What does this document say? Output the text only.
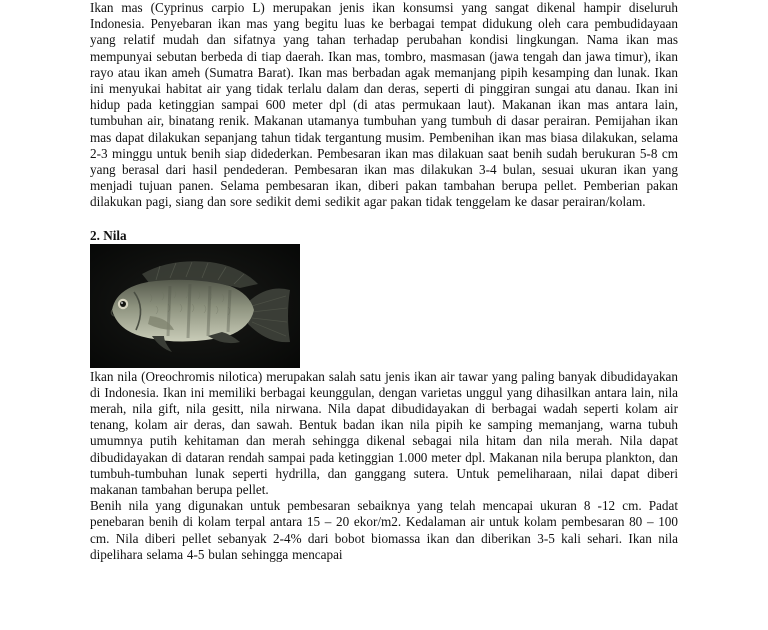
Ikan mas (Cyprinus carpio L) merupakan jenis ikan konsumsi yang sangat dikenal hampir diseluruh Indonesia. Penyebaran ikan mas yang begitu luas ke berbagai tempat didukung oleh cara pembudidayaan yang relatif mudah dan sifatnya yang tahan terhadap perubahan kondisi lingkungan. Nama ikan mas mempunyai sebutan berbeda di tiap daerah. Ikan mas, tombro, masmasan (jawa tengah dan jawa timur), ikan rayo atau ikan ameh (Sumatra Barat). Ikan mas berbadan agak memanjang pipih kesamping dan lunak. Ikan ini menyukai habitat air yang tidak terlalu dalam dan deras, seperti di pinggiran sungai atu danau. Ikan ini hidup pada ketinggian sampai 600 meter dpl (di atas permukaan laut). Makanan ikan mas antara lain, tumbuhan air, binatang renik. Makanan utamanya tumbuhan yang tumbuh di dasar perairan. Pemijahan ikan mas dapat dilakukan sepanjang tahun tidak tergantung musim. Pembenihan ikan mas biasa dilakukan, selama 2-3 minggu untuk benih siap didederkan. Pembesaran ikan mas dilakuan saat benih sudah berukuran 5-8 cm yang berasal dari hasil pendederan. Pembesaran ikan mas dilakukan 3-4 bulan, sesuai ukuran ikan yang menjadi tujuan panen. Selama pembesaran ikan, diberi pakan tambahan berupa pellet. Pemberian pakan dilakukan pagi, siang dan sore sedikit demi sedikit agar pakan tidak tenggelam ke dasar perairan/kolam.

2. Nila

Ikan nila (Oreochromis nilotica) merupakan salah satu jenis ikan air tawar yang paling banyak dibudidayakan di Indonesia. Ikan ini memiliki berbagai keunggulan, dengan varietas unggul yang dihasilkan antara lain, nila merah, nila gift, nila gesitt, nila nirwana. Nila dapat dibudidayakan di berbagai wadah seperti kolam air tenang, kolam air deras, dan sawah. Bentuk badan ikan nila pipih ke samping memanjang, warna tubuh umumnya putih kehitaman dan merah sehingga dikenal sebagai nila hitam dan nila merah. Nila dapat dibudidayakan di dataran rendah sampai pada ketinggian 1.000 meter dpl. Makanan nila berupa plankton, dan tumbuh-tumbuhan lunak seperti hydrilla, dan ganggang sutera. Untuk pemeliharaan, nilai dapat diberi makanan tambahan berupa pellet.

Benih nila yang digunakan untuk pembesaran sebaiknya yang telah mencapai ukuran 8 -12 cm. Padat penebaran benih di kolam terpal antara 15 – 20 ekor/m2. Kedalaman air untuk kolam pembesaran 80 – 100 cm. Nila diberi pellet sebanyak 2-4% dari bobot biomassa ikan dan diberikan 3-5 kali sehari. Ikan nila dipelihara selama 4-5 bulan sehingga mencapai
